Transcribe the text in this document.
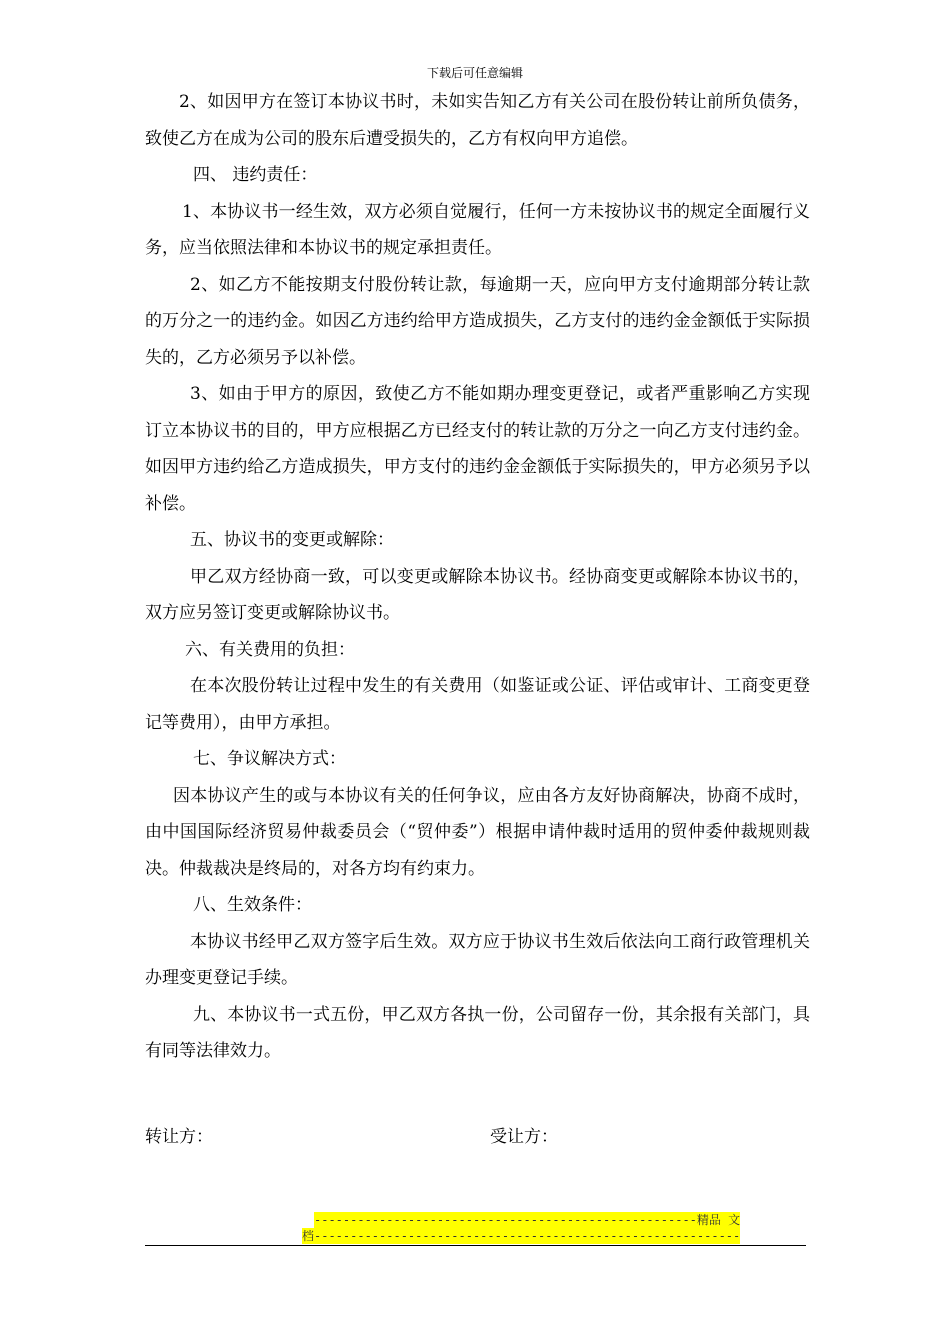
下载后可任意编辑

2、如因甲方在签订本协议书时，未如实告知乙方有关公司在股份转让前所负债务，致使乙方在成为公司的股东后遭受损失的，乙方有权向甲方追偿。

四、 违约责任：

1、本协议书一经生效，双方必须自觉履行，任何一方未按协议书的规定全面履行义务，应当依照法律和本协议书的规定承担责任。

2、如乙方不能按期支付股份转让款，每逾期一天，应向甲方支付逾期部分转让款的万分之一的违约金。如因乙方违约给甲方造成损失，乙方支付的违约金金额低于实际损失的，乙方必须另予以补偿。

3、如由于甲方的原因，致使乙方不能如期办理变更登记，或者严重影响乙方实现订立本协议书的目的，甲方应根据乙方已经支付的转让款的万分之一向乙方支付违约金。如因甲方违约给乙方造成损失，甲方支付的违约金金额低于实际损失的，甲方必须另予以补偿。

五、协议书的变更或解除：

甲乙双方经协商一致，可以变更或解除本协议书。经协商变更或解除本协议书的，双方应另签订变更或解除协议书。

六、有关费用的负担：

在本次股份转让过程中发生的有关费用（如鉴证或公证、评估或审计、工商变更登记等费用），由甲方承担。

七、争议解决方式：

因本协议产生的或与本协议有关的任何争议，应由各方友好协商解决，协商不成时，由中国国际经济贸易仲裁委员会（“贸仲委”）根据申请仲裁时适用的贸仲委仲裁规则裁决。仲裁裁决是终局的，对各方均有约束力。

八、生效条件：

本协议书经甲乙双方签字后生效。双方应于协议书生效后依法向工商行政管理机关办理变更登记手续。

九、本协议书一式五份，甲乙双方各执一份，公司留存一份，其余报有关部门，具有同等法律效力。

转让方：	受让方：
-----------------------------------------------------精品 文
档-----------------------------------------------------------
